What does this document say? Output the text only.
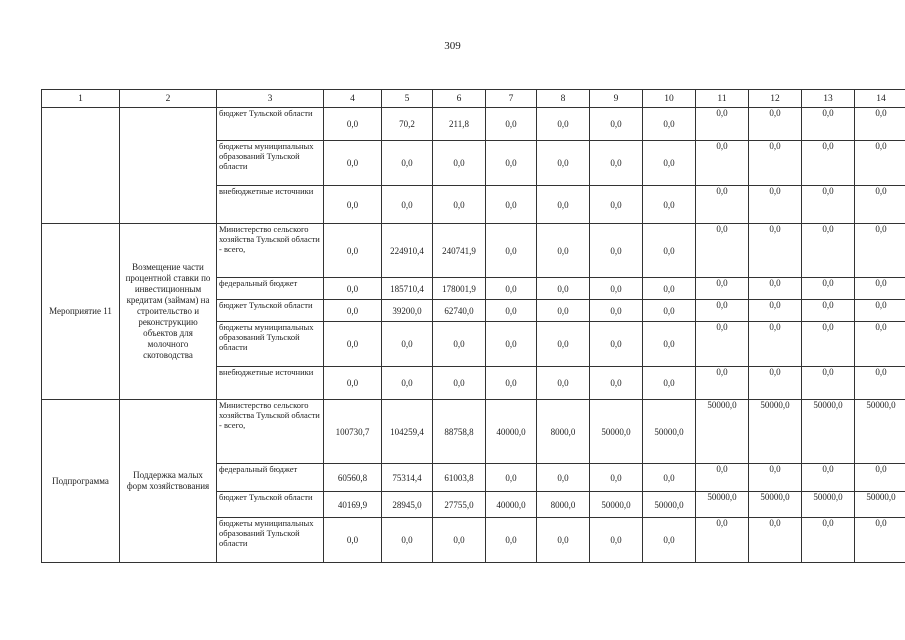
309
1	2	3	4	5	6	7	8	9	10	11	12	13	14
		бюджет Тульской области	0,0	70,2	211,8	0,0	0,0	0,0	0,0	0,0	0,0	0,0	0,0
		бюджеты муниципальных образований Тульской области	0,0	0,0	0,0	0,0	0,0	0,0	0,0	0,0	0,0	0,0	0,0
		внебюджетные источники	0,0	0,0	0,0	0,0	0,0	0,0	0,0	0,0	0,0	0,0	0,0
Мероприятие 11	Возмещение части процентной ставки по инвестиционным кредитам (займам) на строительство и реконструкцию объектов для молочного скотоводства	Министерство сельского хозяйства Тульской области - всего,	0,0	224910,4	240741,9	0,0	0,0	0,0	0,0	0,0	0,0	0,0	0,0
		федеральный бюджет	0,0	185710,4	178001,9	0,0	0,0	0,0	0,0	0,0	0,0	0,0	0,0
		бюджет Тульской области	0,0	39200,0	62740,0	0,0	0,0	0,0	0,0	0,0	0,0	0,0	0,0
		бюджеты муниципальных образований Тульской области	0,0	0,0	0,0	0,0	0,0	0,0	0,0	0,0	0,0	0,0	0,0
		внебюджетные источники	0,0	0,0	0,0	0,0	0,0	0,0	0,0	0,0	0,0	0,0	0,0
Подпрограмма	Поддержка малых форм хозяйствования	Министерство сельского хозяйства Тульской области - всего,	100730,7	104259,4	88758,8	40000,0	8000,0	50000,0	50000,0	50000,0	50000,0	50000,0	50000,0
		федеральный бюджет	60560,8	75314,4	61003,8	0,0	0,0	0,0	0,0	0,0	0,0	0,0	0,0
		бюджет Тульской области	40169,9	28945,0	27755,0	40000,0	8000,0	50000,0	50000,0	50000,0	50000,0	50000,0	50000,0
		бюджеты муниципальных образований Тульской области	0,0	0,0	0,0	0,0	0,0	0,0	0,0	0,0	0,0	0,0	0,0
